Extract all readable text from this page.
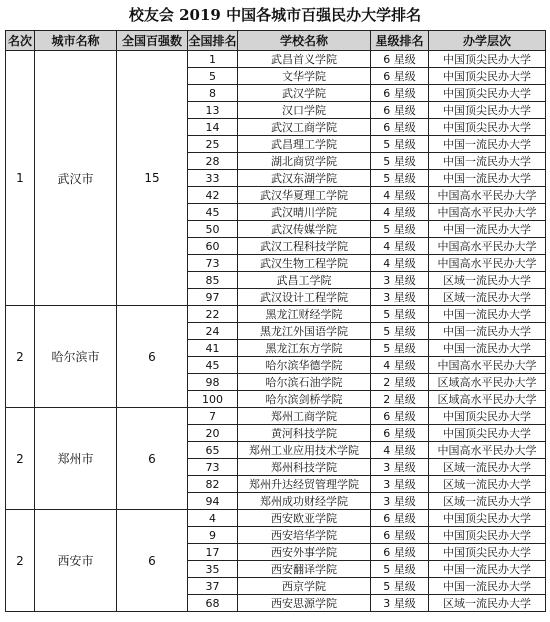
校友会 2019 中国各城市百强民办大学排名
名次	城市名称	全国百强数	全国排名	学校名称	星级排名	办学层次
1	武汉市	15	1	武昌首义学院	6 星级	中国顶尖民办大学
			5	文华学院	6 星级	中国顶尖民办大学
			8	武汉学院	6 星级	中国顶尖民办大学
			13	汉口学院	6 星级	中国顶尖民办大学
			14	武汉工商学院	6 星级	中国顶尖民办大学
			25	武昌理工学院	5 星级	中国一流民办大学
			28	湖北商贸学院	5 星级	中国一流民办大学
			33	武汉东湖学院	5 星级	中国一流民办大学
			42	武汉华夏理工学院	4 星级	中国高水平民办大学
			45	武汉晴川学院	4 星级	中国高水平民办大学
			50	武汉传媒学院	5 星级	中国一流民办大学
			60	武汉工程科技学院	4 星级	中国高水平民办大学
			73	武汉生物工程学院	4 星级	中国高水平民办大学
			85	武昌工学院	3 星级	区域一流民办大学
			97	武汉设计工程学院	3 星级	区域一流民办大学
2	哈尔滨市	6	22	黑龙江财经学院	5 星级	中国一流民办大学
			24	黑龙江外国语学院	5 星级	中国一流民办大学
			41	黑龙江东方学院	5 星级	中国一流民办大学
			45	哈尔滨华德学院	4 星级	中国高水平民办大学
			98	哈尔滨石油学院	2 星级	区域高水平民办大学
			100	哈尔滨剑桥学院	2 星级	区域高水平民办大学
2	郑州市	6	7	郑州工商学院	6 星级	中国顶尖民办大学
			20	黄河科技学院	6 星级	中国顶尖民办大学
			65	郑州工业应用技术学院	4 星级	中国高水平民办大学
			73	郑州科技学院	3 星级	区域一流民办大学
			82	郑州升达经贸管理学院	3 星级	区域一流民办大学
			94	郑州成功财经学院	3 星级	区域一流民办大学
2	西安市	6	4	西安欧亚学院	6 星级	中国顶尖民办大学
			9	西安培华学院	6 星级	中国顶尖民办大学
			17	西安外事学院	6 星级	中国顶尖民办大学
			35	西安翻译学院	5 星级	中国一流民办大学
			37	西京学院	5 星级	中国一流民办大学
			68	西安思源学院	3 星级	区域一流民办大学
